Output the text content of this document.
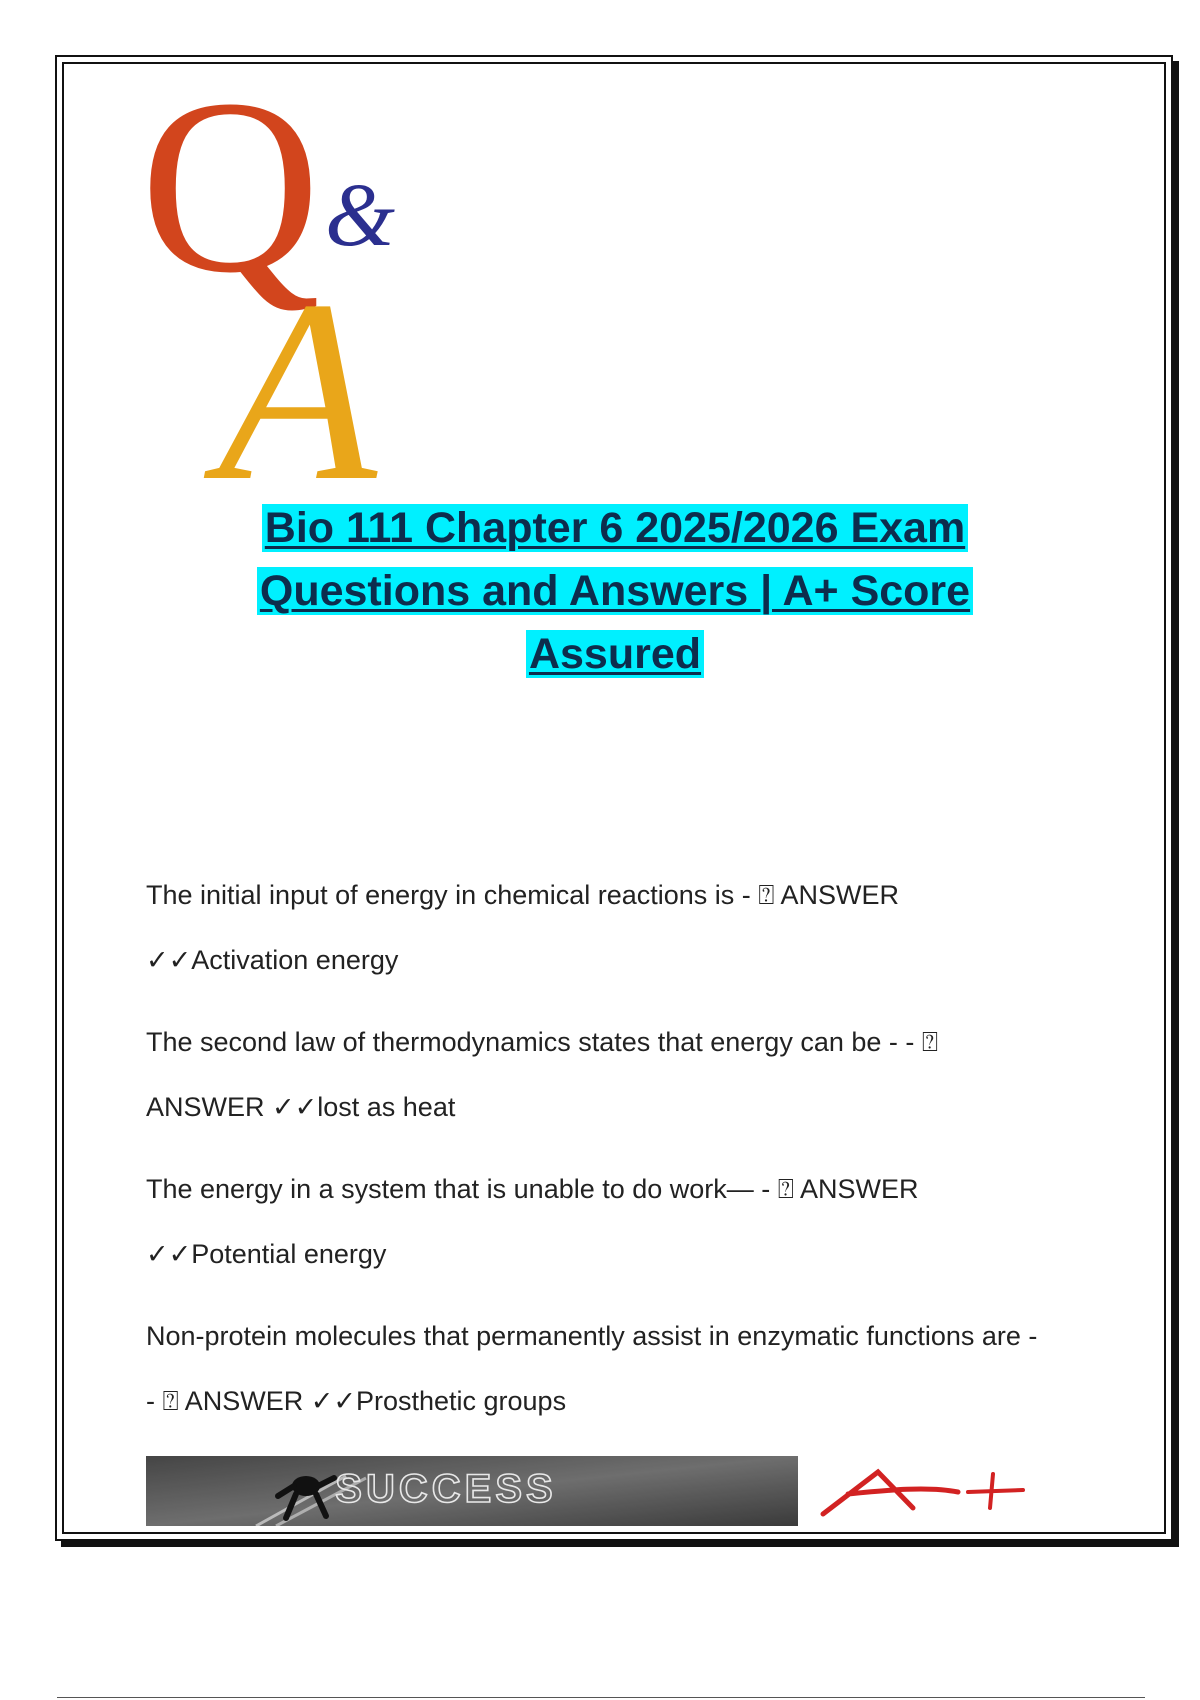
Q &
A
Bio 111 Chapter 6 2025/2026 Exam
Questions and Answers | A+ Score
Assured
The initial input of energy in chemical reactions is - ⍰ ANSWER
✓✓Activation energy
The second law of thermodynamics states that energy can be - - ⍰
ANSWER ✓✓lost as heat
The energy in a system that is unable to do work— - ⍰ ANSWER
✓✓Potential energy
Non-protein molecules that permanently assist in enzymatic functions are -
- ⍰ ANSWER ✓✓Prosthetic groups
SUCCESS
